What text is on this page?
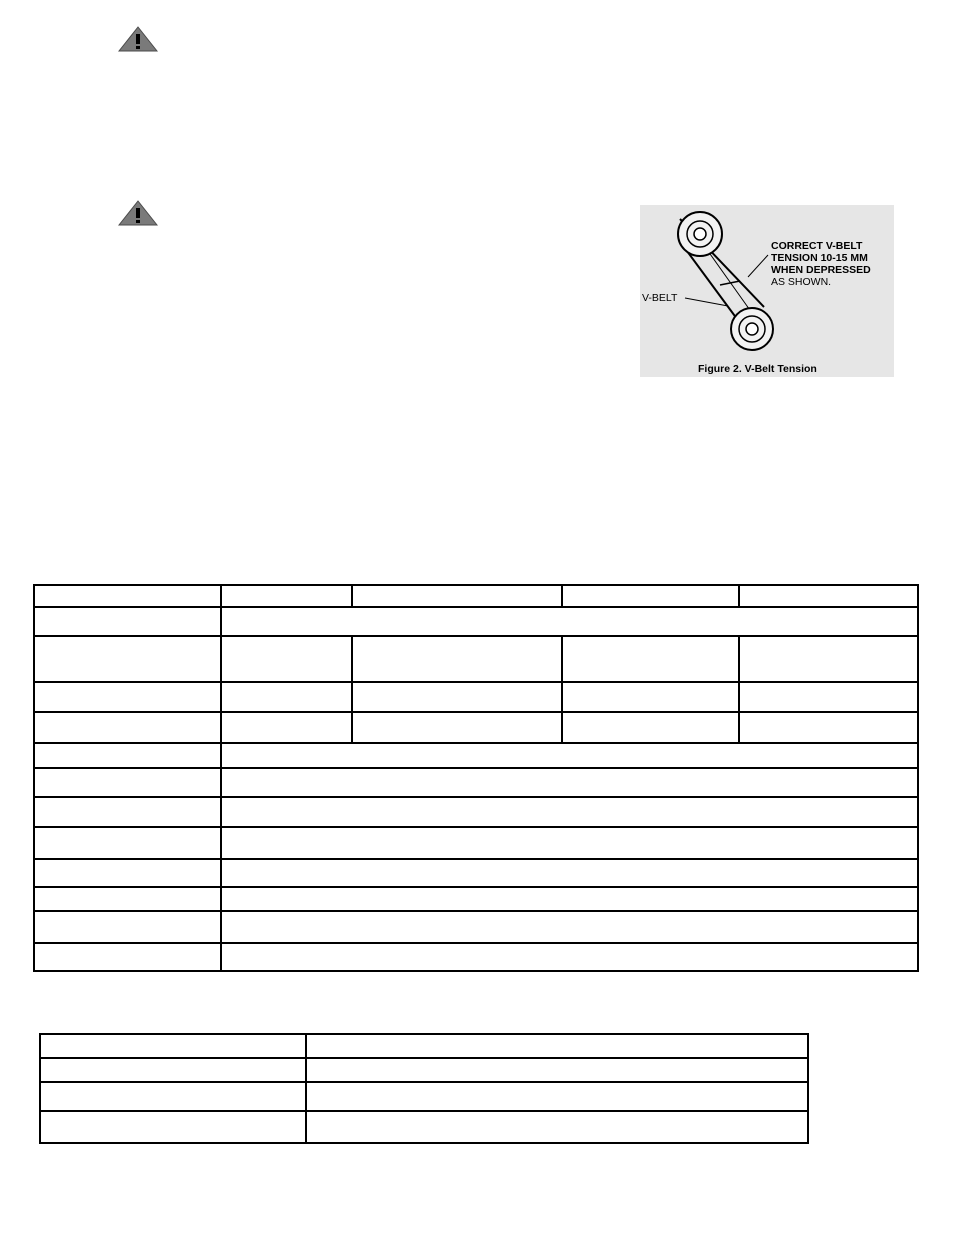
CORRECT V-BELT
TENSION 10-15 MM
WHEN DEPRESSED
AS SHOWN.
V-BELT
Figure 2. V-Belt Tension
